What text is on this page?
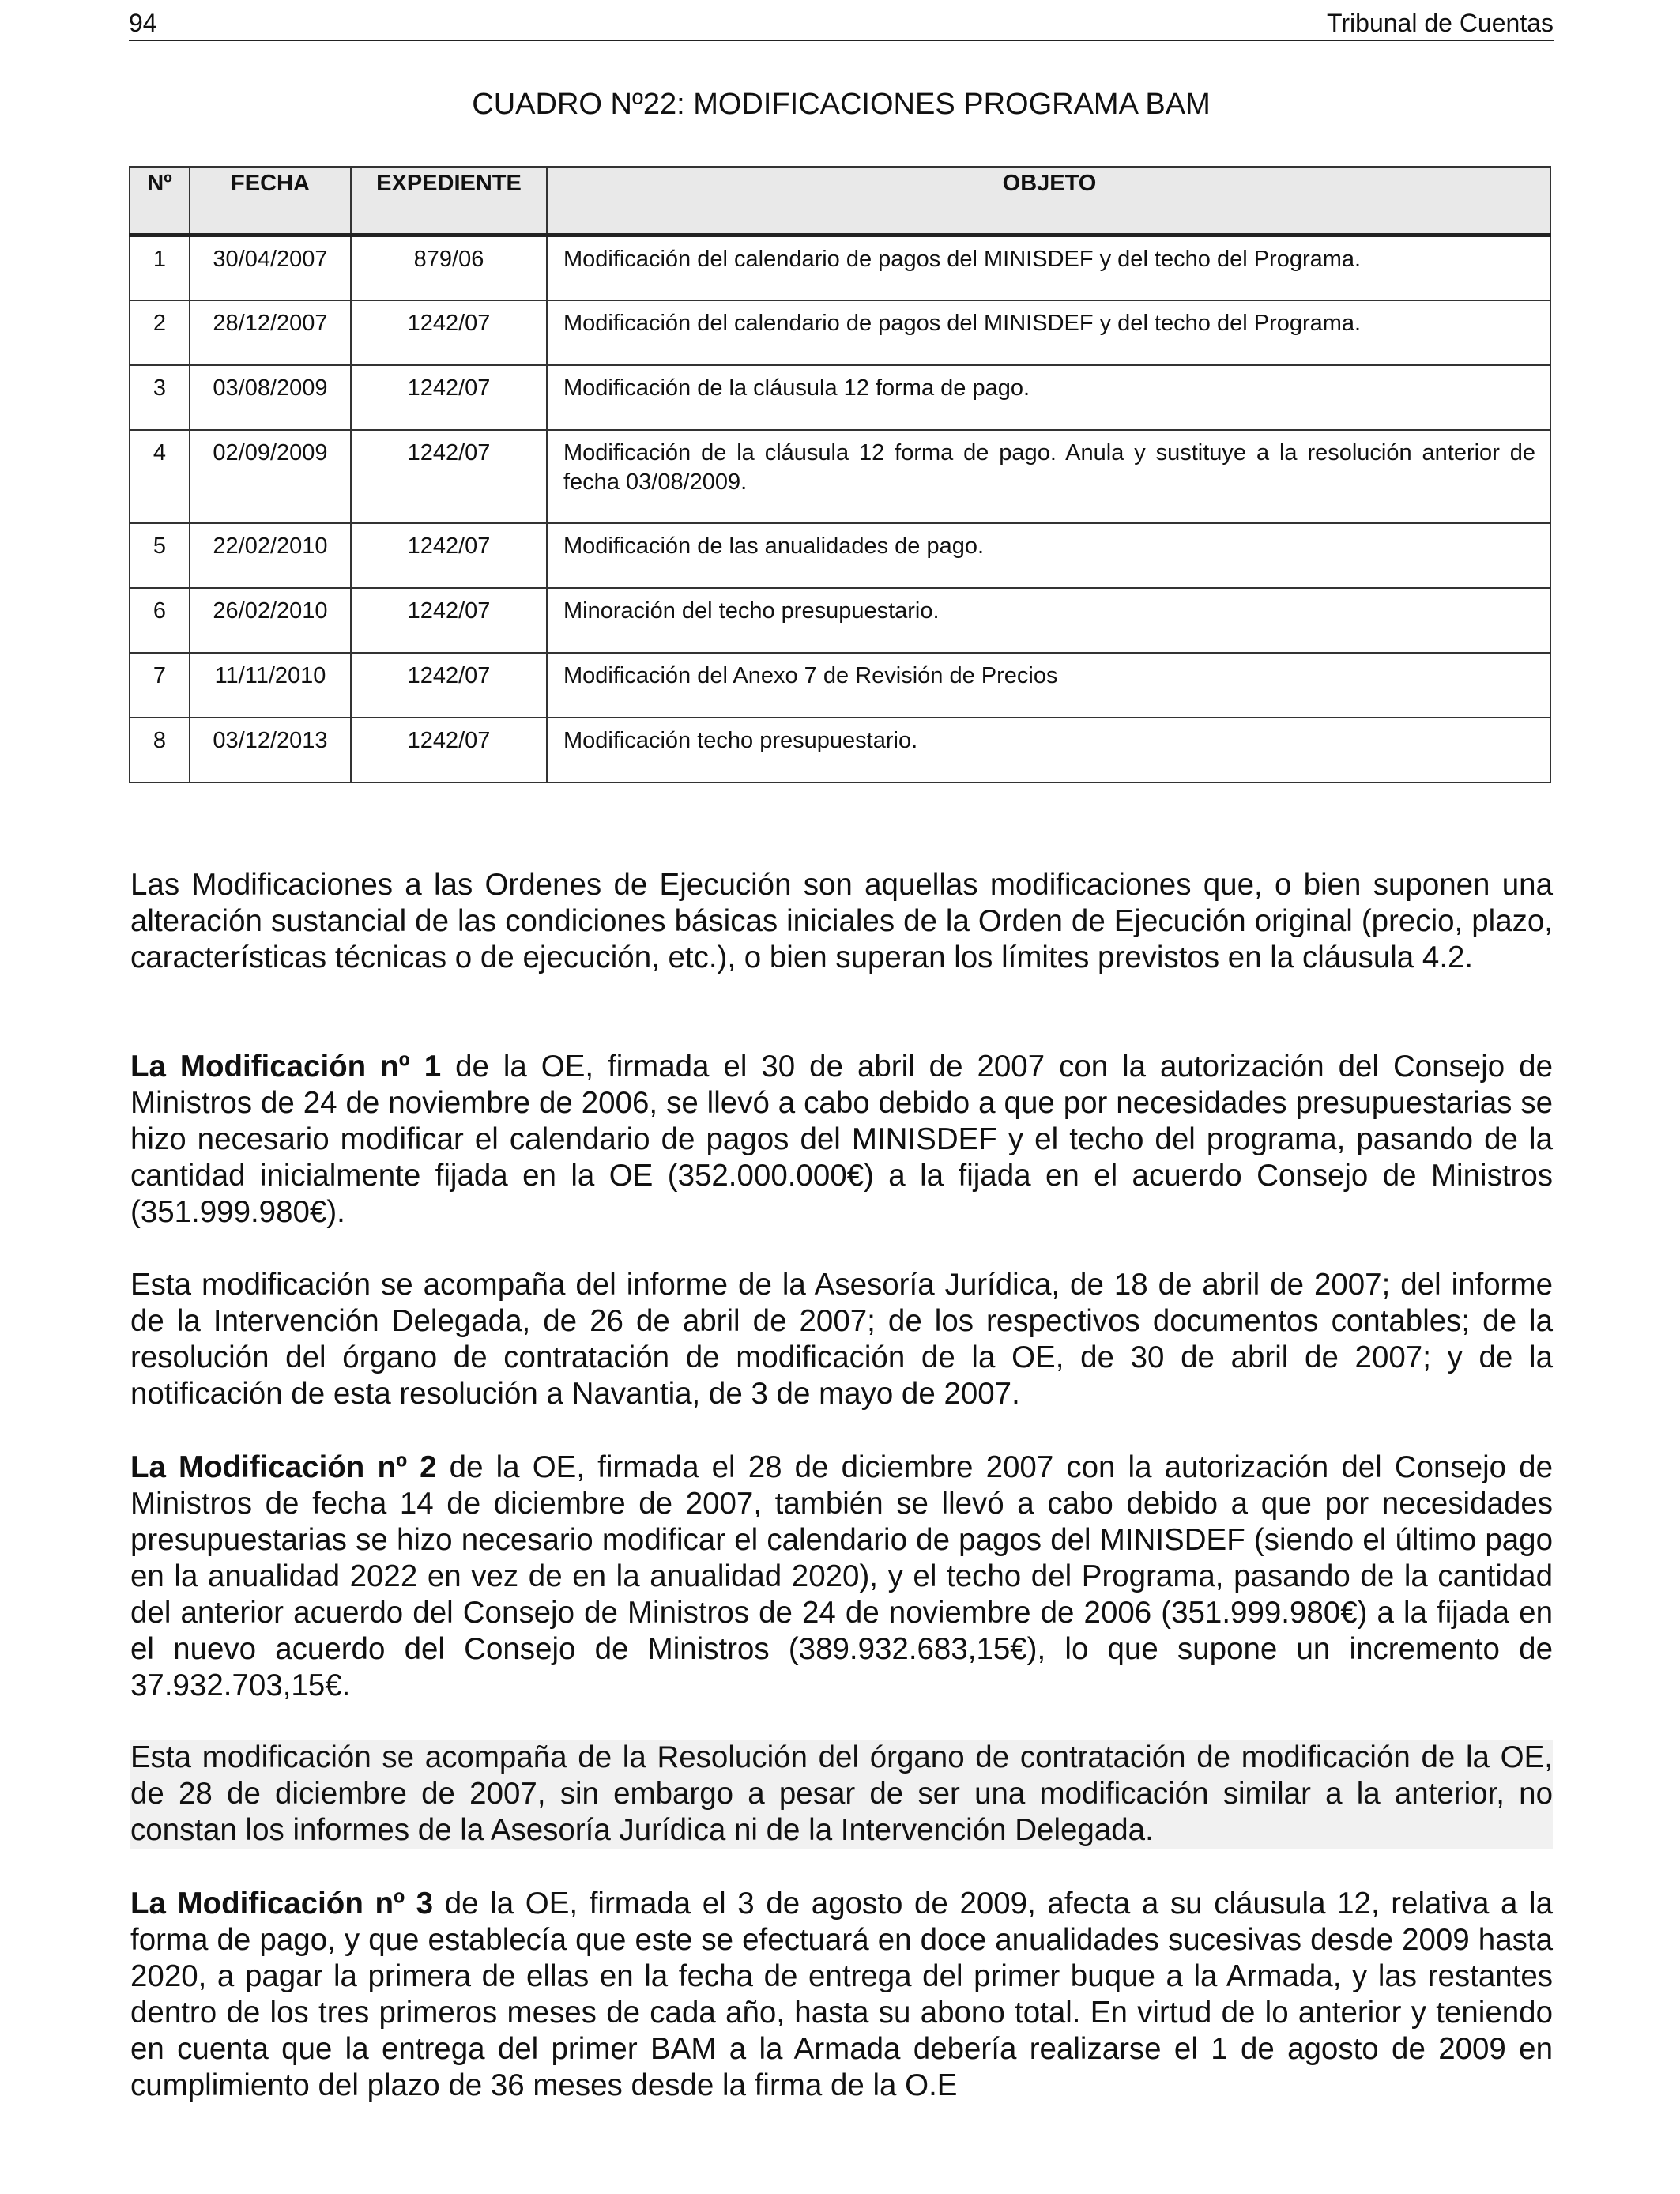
94	Tribunal de Cuentas
CUADRO Nº22: MODIFICACIONES PROGRAMA BAM
Nº	FECHA	EXPEDIENTE	OBJETO
1	30/04/2007	879/06	Modificación del calendario de pagos del MINISDEF y del techo del Programa.
2	28/12/2007	1242/07	Modificación del calendario de pagos del MINISDEF y del techo del Programa.
3	03/08/2009	1242/07	Modificación de la cláusula 12 forma de pago.
4	02/09/2009	1242/07	Modificación de la cláusula 12 forma de pago. Anula y sustituye a la resolución anterior de fecha 03/08/2009.
5	22/02/2010	1242/07	Modificación de las anualidades de pago.
6	26/02/2010	1242/07	Minoración del techo presupuestario.
7	11/11/2010	1242/07	Modificación del Anexo 7 de Revisión de Precios
8	03/12/2013	1242/07	Modificación techo presupuestario.

Las Modificaciones a las Ordenes de Ejecución son aquellas modificaciones que, o bien suponen una alteración sustancial de las condiciones básicas iniciales de la Orden de Ejecución original (precio, plazo, características técnicas o de ejecución, etc.), o bien superan los límites previstos en la cláusula 4.2.

La Modificación nº 1 de la OE, firmada el 30 de abril de 2007 con la autorización del Consejo de Ministros de 24 de noviembre de 2006, se llevó a cabo debido a que por necesidades presupuestarias se hizo necesario modificar el calendario de pagos del MINISDEF y el techo del programa, pasando de la cantidad inicialmente fijada en la OE (352.000.000€) a la fijada en el acuerdo Consejo de Ministros (351.999.980€).

Esta modificación se acompaña del informe de la Asesoría Jurídica, de 18 de abril de 2007; del informe de la Intervención Delegada, de 26 de abril de 2007; de los respectivos documentos contables; de la resolución del órgano de contratación de modificación de la OE, de 30 de abril de 2007; y de la notificación de esta resolución a Navantia, de 3 de mayo de 2007.

La Modificación nº 2 de la OE, firmada el 28 de diciembre 2007 con la autorización del Consejo de Ministros de fecha 14 de diciembre de 2007, también se llevó a cabo debido a que por necesidades presupuestarias se hizo necesario modificar el calendario de pagos del MINISDEF (siendo el último pago en la anualidad 2022 en vez de en la anualidad 2020), y el techo del Programa, pasando de la cantidad del anterior acuerdo del Consejo de Ministros de 24 de noviembre de 2006 (351.999.980€) a la fijada en el nuevo acuerdo del Consejo de Ministros (389.932.683,15€), lo que supone un incremento de 37.932.703,15€.

Esta modificación se acompaña de la Resolución del órgano de contratación de modificación de la OE, de 28 de diciembre de 2007, sin embargo a pesar de ser una modificación similar a la anterior, no constan los informes de la Asesoría Jurídica ni de la Intervención Delegada.

La Modificación nº 3 de la OE, firmada el 3 de agosto de 2009, afecta a su cláusula 12, relativa a la forma de pago, y que establecía que este se efectuará en doce anualidades sucesivas desde 2009 hasta 2020, a pagar la primera de ellas en la fecha de entrega del primer buque a la Armada, y las restantes dentro de los tres primeros meses de cada año, hasta su abono total. En virtud de lo anterior y teniendo en cuenta que la entrega del primer BAM a la Armada debería realizarse el 1 de agosto de 2009 en cumplimiento del plazo de 36 meses desde la firma de la O.E
